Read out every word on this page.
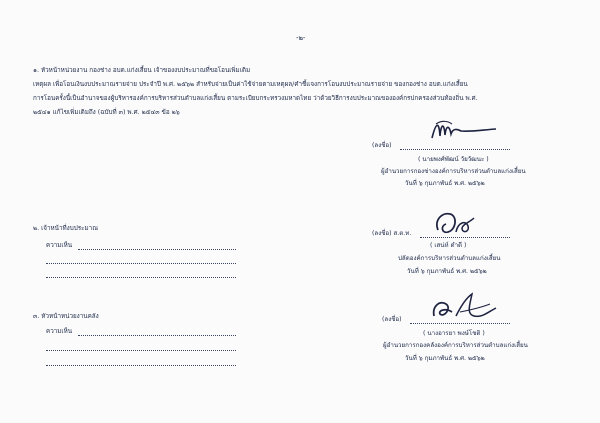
-๒-
๑. หัวหน้าหน่วยงาน กองช่าง อบต.แก่งเสี้ยน เจ้าของงบประมาณที่ขอโอนเพิ่มเติม
เหตุผล เพื่อโอนเงินงบประมาณรายจ่าย ประจำปี พ.ศ. ๒๕๖๒ สำหรับจ่ายเป็นค่าใช้จ่ายตามเหตุผล/คำชี้แจงการโอนงบประมาณรายจ่าย ของกองช่าง อบต.แก่งเสี้ยน
การโอนครั้งนี้เป็นอำนาจของผู้บริหารองค์การบริหารส่วนตำบลแก่งเสี้ยน ตามระเบียบกระทรวงมหาดไทย ว่าด้วยวิธีการงบประมาณขององค์กรปกครองส่วนท้องถิ่น พ.ศ.
๒๕๔๑ แก้ไขเพิ่มเติมถึง (ฉบับที่ ๓) พ.ศ. ๒๕๔๓ ข้อ ๒๖
(ลงชื่อ)
( นายพงศ์พัฒน์ วัยวัฒนะ )
ผู้อำนวยการกองช่างองค์การบริหารส่วนตำบลแก่งเสี้ยน
วันที่ ๖ กุมภาพันธ์ พ.ศ. ๒๕๖๒
๒. เจ้าหน้าที่งบประมาณ
ความเห็น
(ลงชื่อ) ส.ต.ท.
( เสน่ห์ ดำดี )
ปลัดองค์การบริหารส่วนตำบลแก่งเสี้ยน
วันที่ ๖ กุมภาพันธ์ พ.ศ. ๒๕๖๒
๓. หัวหน้าหน่วยงานคลัง
ความเห็น
(ลงชื่อ)
( นางอารยา พงษ์โชติ )
ผู้อำนวยการกองคลังองค์การบริหารส่วนตำบลแก่งเสี้ยน
วันที่ ๖ กุมภาพันธ์ พ.ศ. ๒๕๖๒
